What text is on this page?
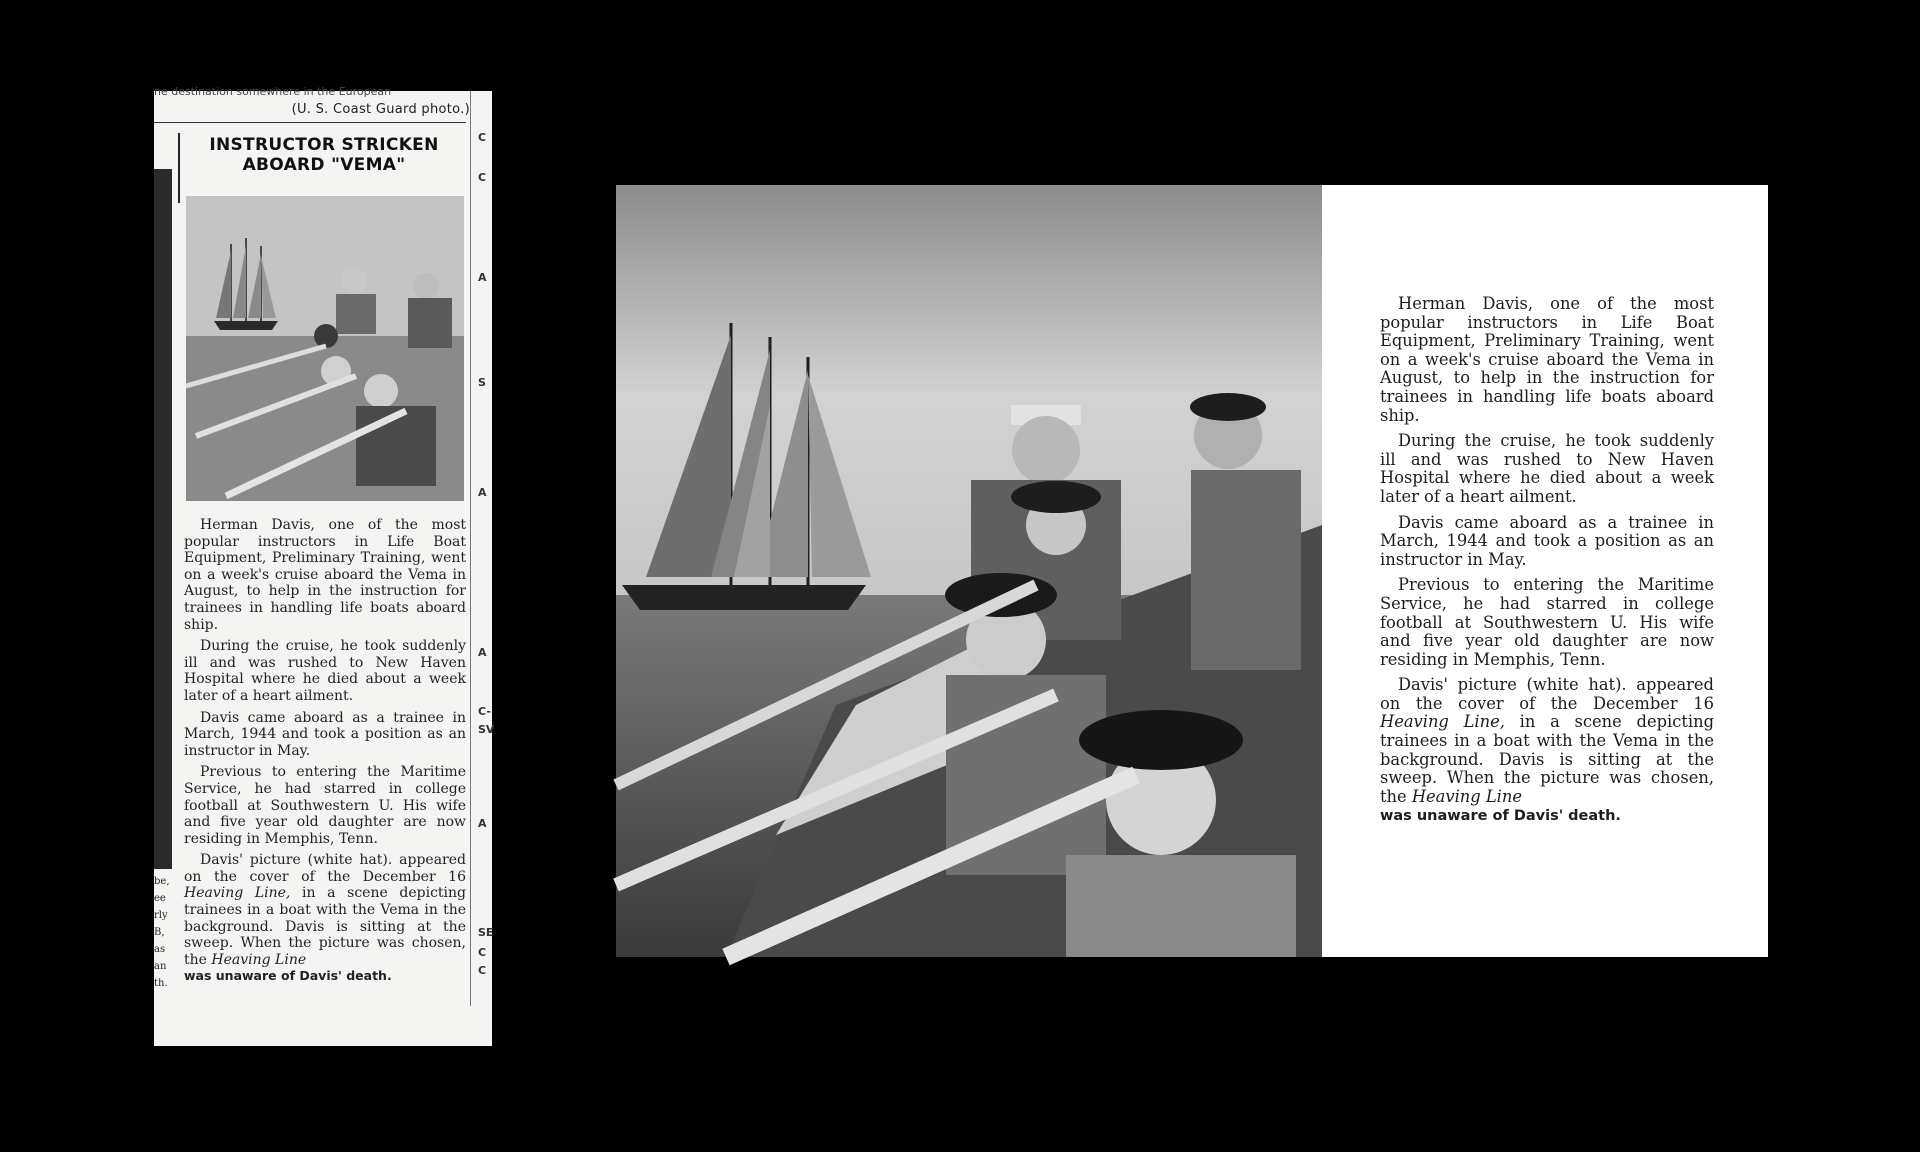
ne destination somewhere in the European
(U. S. Coast Guard photo.)
INSTRUCTOR STRICKEN
ABOARD "VEMA"

Herman Davis, one of the most popular instructors in Life Boat Equipment, Preliminary Training, went on a week's cruise aboard the Vema in August, to help in the instruction for trainees in handling life boats aboard ship.

During the cruise, he took suddenly ill and was rushed to New Haven Hospital where he died about a week later of a heart ailment.

Davis came aboard as a trainee in March, 1944 and took a position as an instructor in May.

Previous to entering the Maritime Service, he had starred in college football at Southwestern U. His wife and five year old daughter are now residing in Memphis, Tenn.

Davis' picture (white hat). appeared on the cover of the December 16 Heaving Line, in a scene depicting trainees in a boat with the Vema in the background. Davis is sitting at the sweep. When the picture was chosen, the Heaving Line
was unaware of Davis' death.

C
C
A
S
A
A
C-
SV
A
SE
C
C
be,
ee
rly
B,
as
an
th.

Herman Davis, one of the most popular instructors in Life Boat Equipment, Preliminary Training, went on a week's cruise aboard the Vema in August, to help in the instruction for trainees in handling life boats aboard ship.

During the cruise, he took suddenly ill and was rushed to New Haven Hospital where he died about a week later of a heart ailment.

Davis came aboard as a trainee in March, 1944 and took a position as an instructor in May.

Previous to entering the Maritime Service, he had starred in college football at Southwestern U. His wife and five year old daughter are now residing in Memphis, Tenn.

Davis' picture (white hat). appeared on the cover of the December 16 Heaving Line, in a scene depicting trainees in a boat with the Vema in the background. Davis is sitting at the sweep. When the picture was chosen, the Heaving Line
was unaware of Davis' death.
